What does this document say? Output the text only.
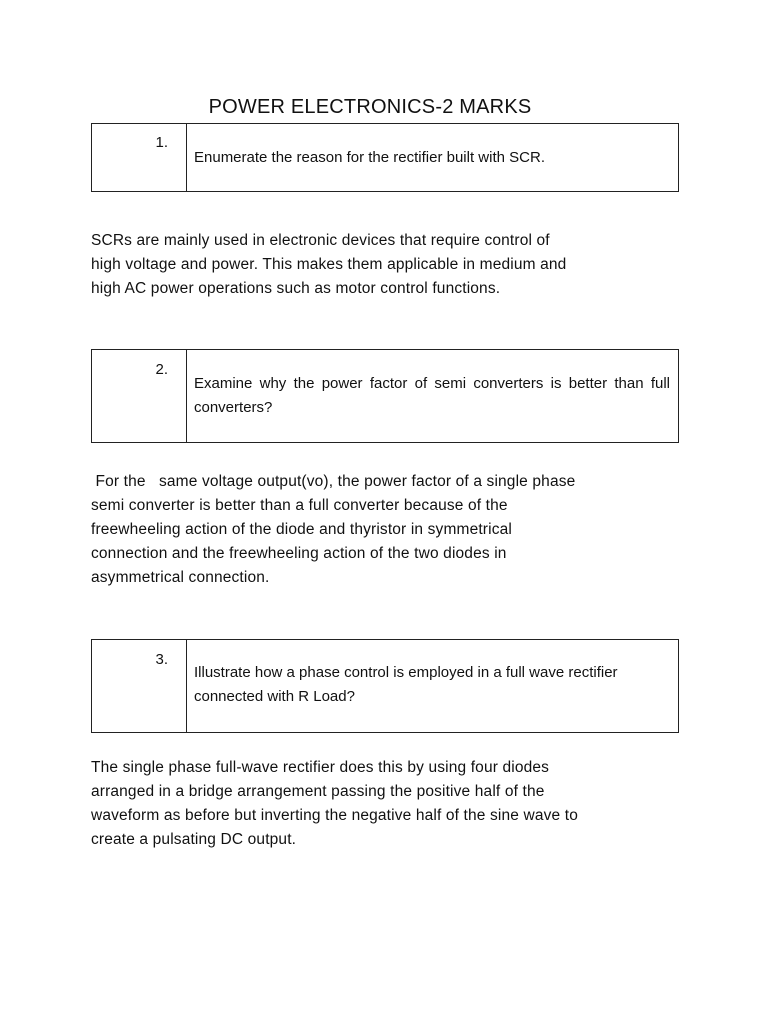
POWER ELECTRONICS-2 MARKS
1.
Enumerate the reason for the rectifier built with SCR.

SCRs are mainly used in electronic devices that require control of
high voltage and power. This makes them applicable in medium and
high AC power operations such as motor control functions.

2.
Examine why the power factor of semi converters is better than full converters?

For the   same voltage output(vo), the power factor of a single phase
semi converter is better than a full converter because of the
freewheeling action of the diode and thyristor in symmetrical
connection and the freewheeling action of the two diodes in
asymmetrical connection.

3.
Illustrate how a phase control is employed in a full wave rectifier connected with R Load?

The single phase full-wave rectifier does this by using four diodes
arranged in a bridge arrangement passing the positive half of the
waveform as before but inverting the negative half of the sine wave to
create a pulsating DC output.
